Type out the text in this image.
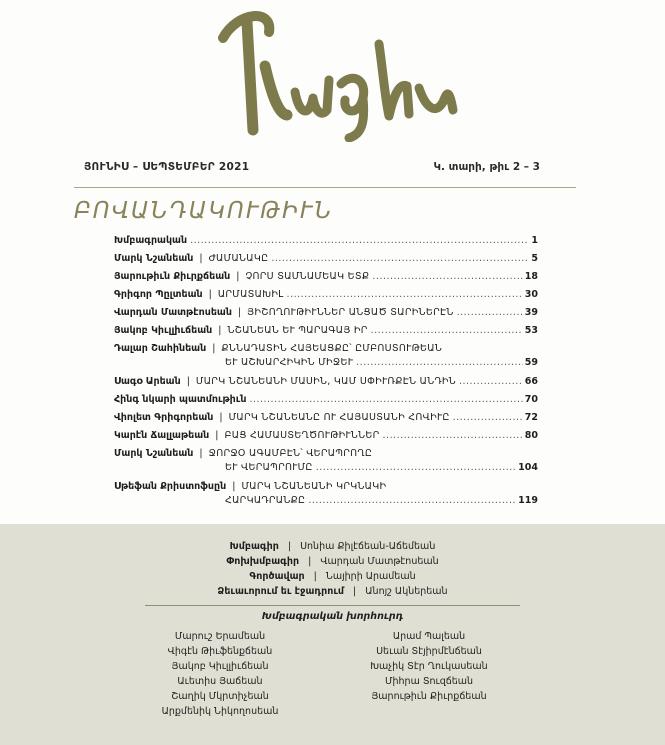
Բագին
ՅՈՒՆԻՍ – ՍԵՊՏԵՄԲԵՐ 2021	Կ. տարի, թիւ 2 – 3
ԲՈՎԱՆԴԱԿՈՒԹԻՒՆ
Խմբագրական .....	1
Մարկ Նշանեան | ԺԱՄԱՆԱԿԸ .....	5
Յարութիւն Քիւրքճեան | ՉՈՐՍ ՏԱՄՆԱՄԵԱԿ ԵՏՔ .....	18
Գրիգոր Պըլտեան | ԱՐՄԱՏԱԽԻԼ .....	30
Վարդան Մատթէոսեան | ՅԻՇՈՂՈՒԹԻՒՆՆԵՐ ԱՆՑԱԾ ՏԱՐԻՆԵՐԷՆ .....	39
Յակոբ Կիւլլիւճեան | ՆՇԱՆԵԱՆ ԵՒ ՊԱՐԱԳԱՅ ԻՐ .....	53
Դալար Շահինեան | ՔՆՆԱԴԱՏԻՆ ՀԱՅԵԱՑՔԸ՝ ԸՄԲՈՍՏՈՒԹԵԱՆ
ԵՒ ԱՇԽԱՐՀԻԿԻՆ ՄԻՋԵՒ .....	59
Սագօ Արեան | ՄԱՐԿ ՆՇԱՆԵԱՆԻ ՄԱՍԻՆ, ԿԱՄ ՍՓԻՒՌՔԷՆ ԱՆԴԻՆ .....	66
Հինգ նկարի պատմութիւն .....	70
Վիոլետ Գրիգորեան | ՄԱՐԿ ՆՇԱՆԵԱՆԸ ՈՒ ՀԱՅԱՍՏԱՆԻ ՀՈՎԻՒԸ .....	72
Կարէն Ճալլաթեան | ԲԱՑ ՀԱՄԱՍՏԵՂԾՈՒԹԻՒՆՆԵՐ .....	80
Մարկ Նշանեան | ՋՈՐՋՕ ԱԳԱՄԲԷՆ՝ ՎԵՐԱՊՐՈՂԸ
ԵՒ ՎԵՐԱՊՐՈՒՄԸ .....	104
Սթեֆան Քրիստոֆսըն | ՄԱՐԿ ՆՇԱՆԵԱՆԻ ԿՐԿՆԱԿԻ
ՀԱՐԿԱԴՐԱՆՔԸ .....	119
Խմբագիր | Սոնիա Քիլէճեան-Աճեմեան
Փոխխմբագիր | Վարդան Մատթէոսեան
Գործավար | Նայիրի Արամեան
Ձեւաւորում եւ էջադրում | Անոյշ Ակներեան
Խմբագրական խորհուրդ
Մարուշ Երամեան
Վիգէն Թիւֆենքճեան
Յակոբ Կիւլլիւճեան
Աւետիս Յաճեան
Շաղիկ Մկրտիչեան
Արքմենիկ Նիկողոսեան
Արամ Պալեան
Սեւան Տէյիրմէնճեան
Խաչիկ Տէր Ղուկասեան
Միհրա Տուզճեան
Յարութիւն Քիւրքճեան
